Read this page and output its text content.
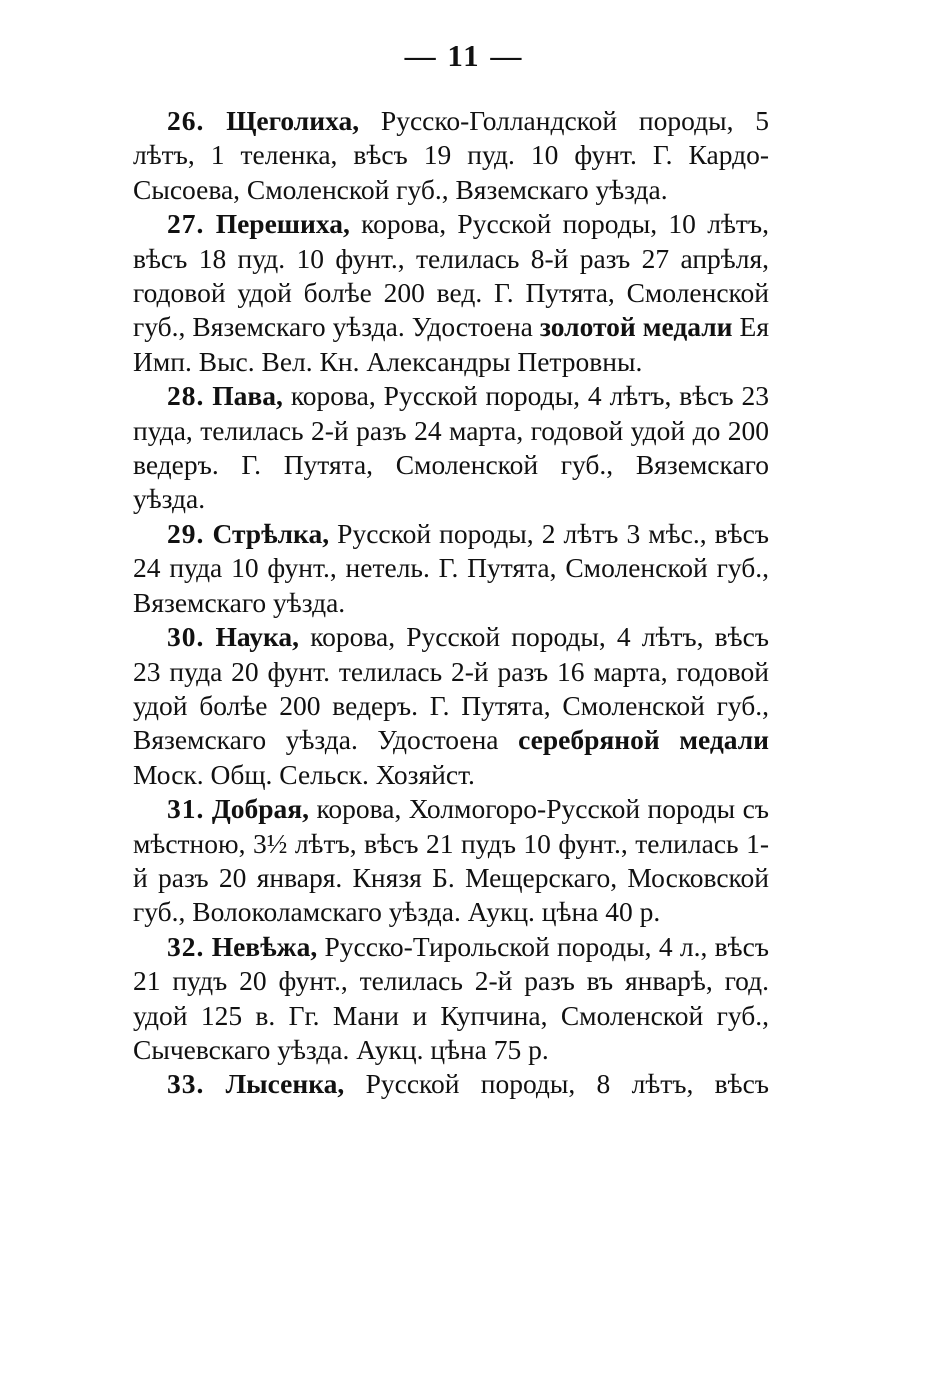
— 11 —

26. Щеголиха, Русско-Голландской породы, 5 лѣтъ, 1 теленка, вѣсъ 19 пуд. 10 фунт. Г. Кардо-Сысоева, Смоленской губ., Вяземскаго уѣзда.

27. Перешиха, корова, Русской породы, 10 лѣтъ, вѣсъ 18 пуд. 10 фунт., телилась 8-й разъ 27 апрѣля, годовой удой болѣе 200 вед. Г. Путята, Смоленской губ., Вяземскаго уѣзда. Удостоена золотой медали Ея Имп. Выс. Вел. Кн. Александры Петровны.

28. Пава, корова, Русской породы, 4 лѣтъ, вѣсъ 23 пуда, телилась 2-й разъ 24 марта, годовой удой до 200 ведеръ. Г. Путята, Смоленской губ., Вяземскаго уѣзда.

29. Стрѣлка, Русской породы, 2 лѣтъ 3 мѣс., вѣсъ 24 пуда 10 фунт., нетель. Г. Путята, Смоленской губ., Вяземскаго уѣзда.

30. Наука, корова, Русской породы, 4 лѣтъ, вѣсъ 23 пуда 20 фунт. телилась 2-й разъ 16 марта, годовой удой болѣе 200 ведеръ. Г. Путята, Смоленской губ., Вяземскаго уѣзда. Удостоена серебряной медали Моск. Общ. Сельск. Хозяйст.

31. Добрая, корова, Холмогоро-Русской породы съ мѣстною, 3½ лѣтъ, вѣсъ 21 пудъ 10 фунт., телилась 1-й разъ 20 января. Князя Б. Мещерскаго, Московской губ., Волоколамскаго уѣзда. Аукц. цѣна 40 р.

32. Невѣжа, Русско-Тирольской породы, 4 л., вѣсъ 21 пудъ 20 фунт., телилась 2-й разъ въ январѣ, год. удой 125 в. Гг. Мани и Купчина, Смоленской губ., Сычевскаго уѣзда. Аукц. цѣна 75 р.

33. Лысенка, Русской породы, 8 лѣтъ, вѣсъ
